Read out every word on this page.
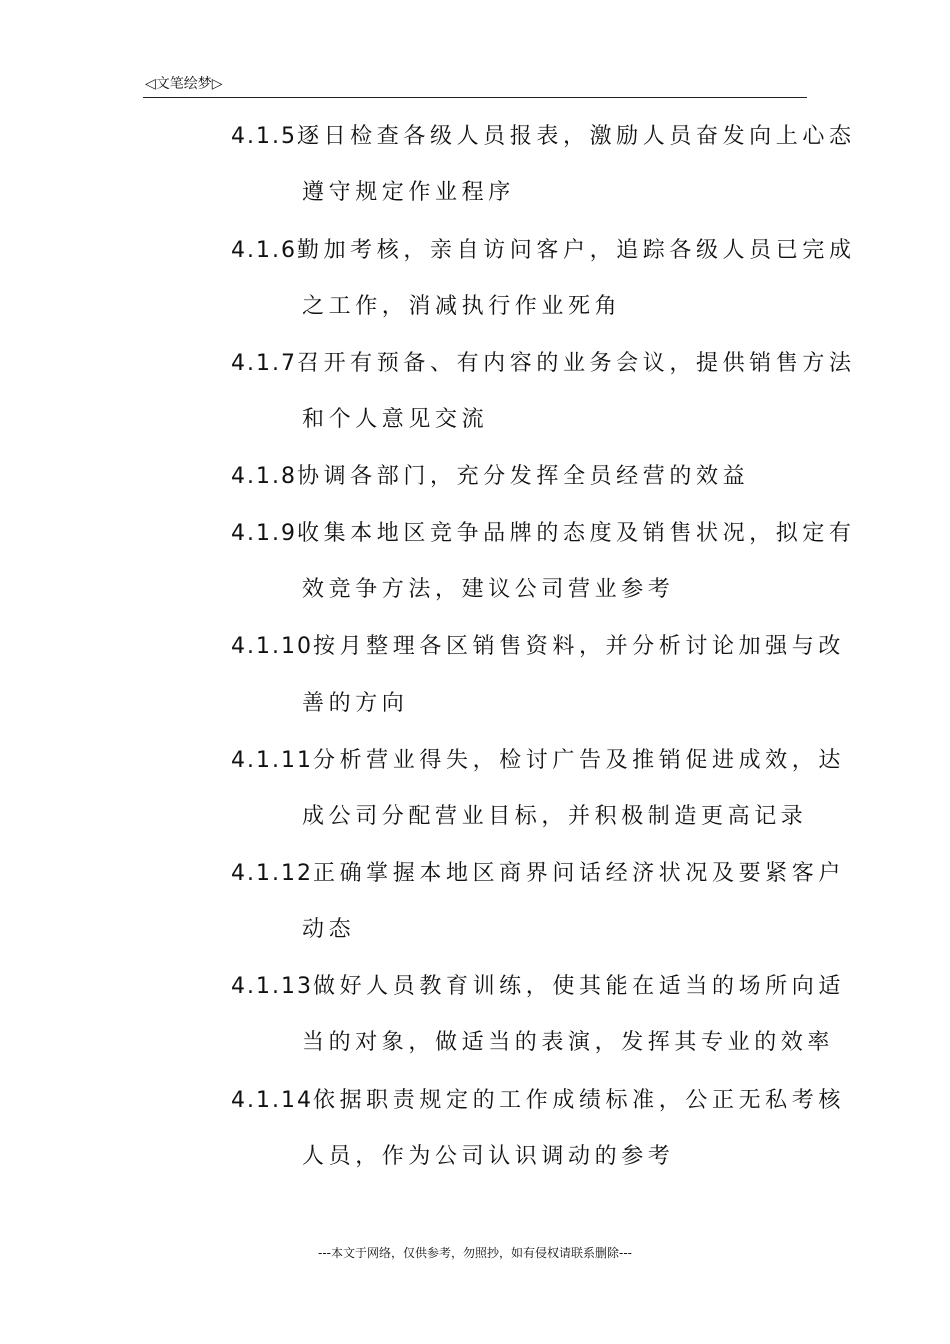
◁文笔绘梦▷
4.1.5逐日检查各级人员报表，激励人员奋发向上心态
遵守规定作业程序
4.1.6勤加考核，亲自访问客户，追踪各级人员已完成
之工作，消减执行作业死角
4.1.7召开有预备、有内容的业务会议，提供销售方法
和个人意见交流
4.1.8协调各部门，充分发挥全员经营的效益
4.1.9收集本地区竞争品牌的态度及销售状况，拟定有
效竞争方法，建议公司营业参考
4.1.10按月整理各区销售资料，并分析讨论加强与改
善的方向
4.1.11分析营业得失，检讨广告及推销促进成效，达
成公司分配营业目标，并积极制造更高记录
4.1.12正确掌握本地区商界问话经济状况及要紧客户
动态
4.1.13做好人员教育训练，使其能在适当的场所向适
当的对象，做适当的表演，发挥其专业的效率
4.1.14依据职责规定的工作成绩标准，公正无私考核
人员，作为公司认识调动的参考
---本文于网络，仅供参考，勿照抄，如有侵权请联系删除---
